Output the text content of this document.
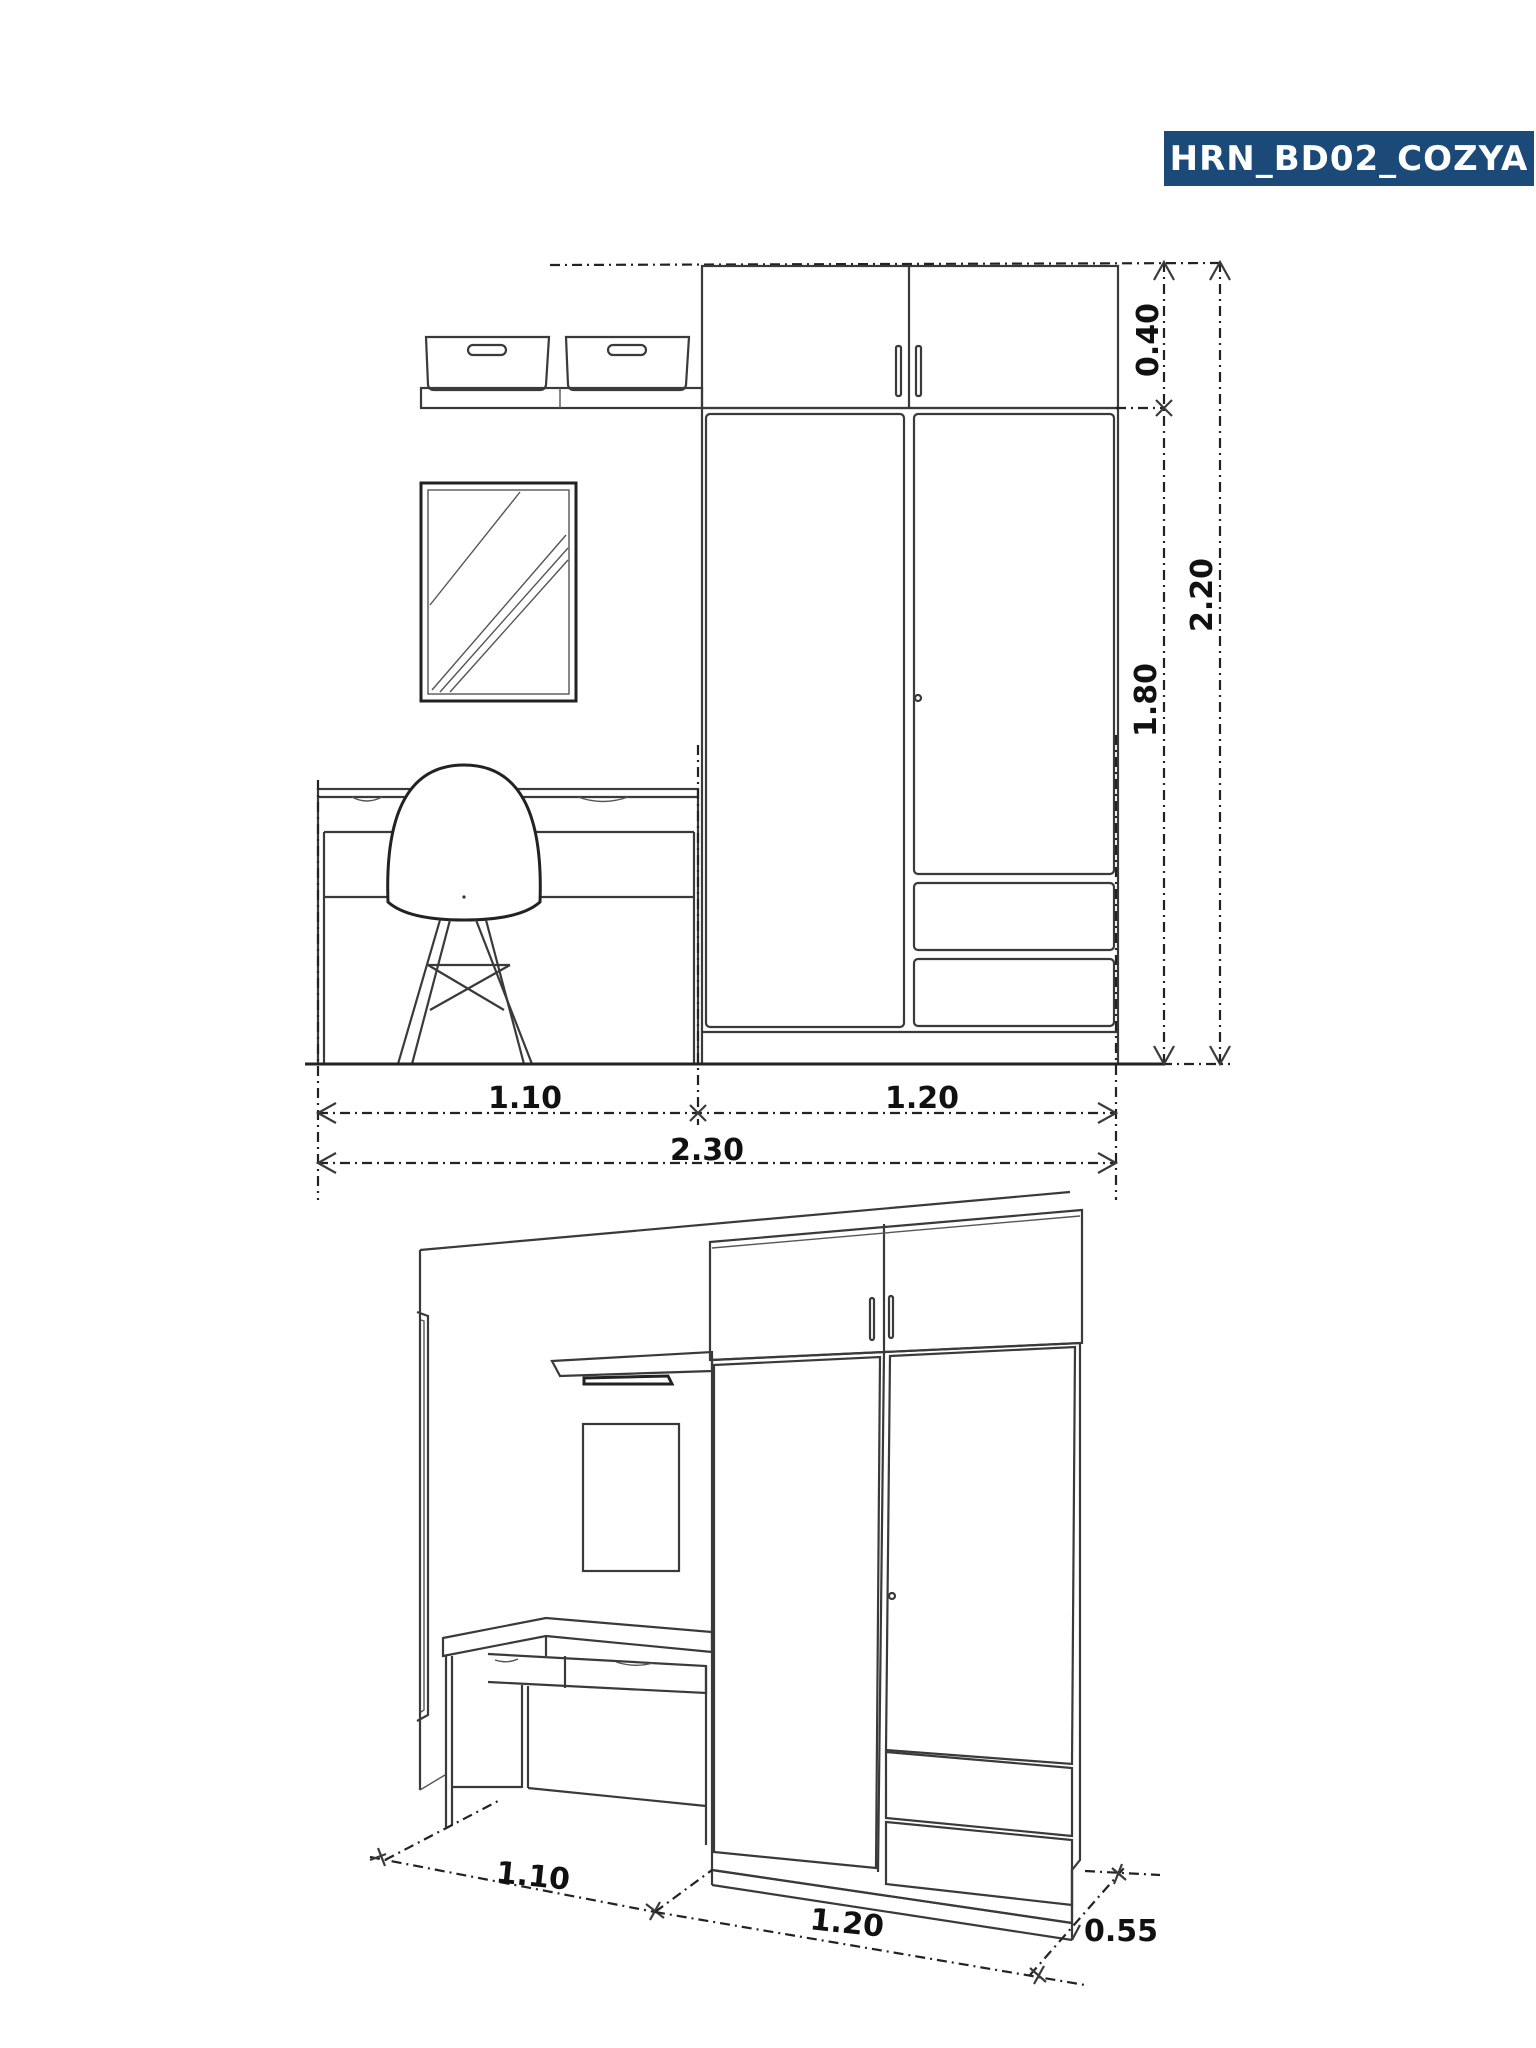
HRN_BD02_COZYA
0.40
1.80
2.20
1.10	1.20
2.30
1.10
1.20	0.55
